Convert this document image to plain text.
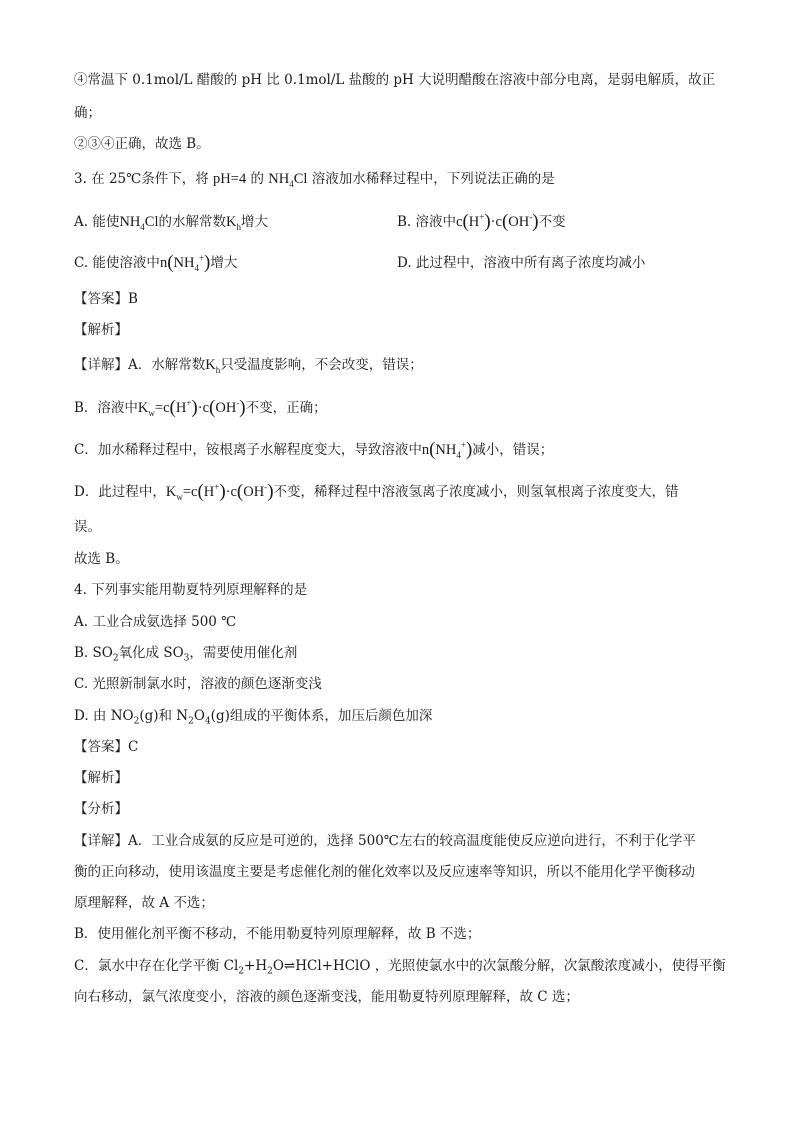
④常温下 0.1mol/L 醋酸的 pH 比 0.1mol/L 盐酸的 pH 大说明醋酸在溶液中部分电离，是弱电解质，故正
确；
②③④正确，故选 B。
3. 在 25℃条件下，将 pH=4 的 $NH_4Cl$ 溶液加水稀释过程中，下列说法正确的是
A. 能使$NH_4Cl$的水解常数$K_h$增大	B. 溶液中c(H+)·c(OH-)不变
C. 能使溶液中$n(NH_4^+)$增大	D. 此过程中，溶液中所有离子浓度均减小
【答案】B
【解析】
【详解】A．水解常数$K_h$只受温度影响，不会改变，错误；
B．溶液中$K_w=c(H^+)\cdot c(OH^-)$不变，正确；
C．加水稀释过程中，铵根离子水解程度变大，导致溶液中$n(NH_4^+)$减小，错误；
D．此过程中，$K_w=c(H^+)\cdot c(OH^-)$不变，稀释过程中溶液氢离子浓度减小，则氢氧根离子浓度变大，错
误。
故选 B。
4. 下列事实能用勒夏特列原理解释的是
A. 工业合成氨选择 500 ℃
B. $SO_2$氧化成 $SO_3$，需要使用催化剂
C. 光照新制氯水时，溶液的颜色逐渐变浅
D. 由 $NO_2(g)$和 $N_2O_4(g)$组成的平衡体系，加压后颜色加深
【答案】C
【解析】
【分析】
【详解】A．工业合成氨的反应是可逆的，选择 500℃左右的较高温度能使反应逆向进行，不利于化学平
衡的正向移动，使用该温度主要是考虑催化剂的催化效率以及反应速率等知识，所以不能用化学平衡移动
原理解释，故 A 不选；
B．使用催化剂平衡不移动，不能用勒夏特列原理解释，故 B 不选；
C．氯水中存在化学平衡 $Cl_2+H_2O\rightleftharpoons HCl+HClO$ ，光照使氯水中的次氯酸分解，次氯酸浓度减小，使得平衡
向右移动，氯气浓度变小，溶液的颜色逐渐变浅，能用勒夏特列原理解释，故 C 选；
